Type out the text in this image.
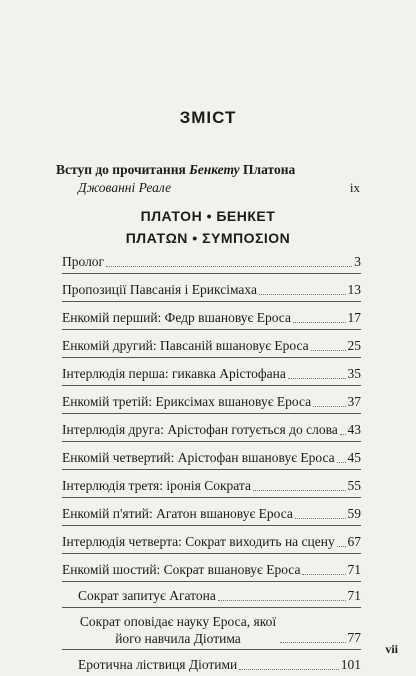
ЗМІСТ
Вступ до прочитання Бенкету Платона
Джованні Реале	ix
ПЛАТОН • БЕНКЕТ
ПЛАТΩN • ΣΥΜΠΟΣΙΟΝ
Пролог	3
Пропозиції Павсанія і Ериксімаха	13
Енкомій перший: Федр вшановує Ероса	17
Енкомій другий: Павсаній вшановує Ероса	25
Інтерлюдія перша: гикавка Арістофана	35
Енкомій третій: Ериксімах вшановує Ероса	37
Інтерлюдія друга: Арістофан готується до слова 43
Енкомій четвертий: Арістофан вшановує Ероса 45
Інтерлюдія третя: іронія Сократа	55
Енкомій п'ятий: Агатон вшановує Ероса	59
Інтерлюдія четверта: Сократ виходить на сцену 67
Енкомій шостий: Сократ вшановує Ероса	71
Сократ запитує Агатона	71
Сократ оповідає науку Ероса, якої його навчила Діотима	77
Еротична ліствиця Діотими	101
vii
